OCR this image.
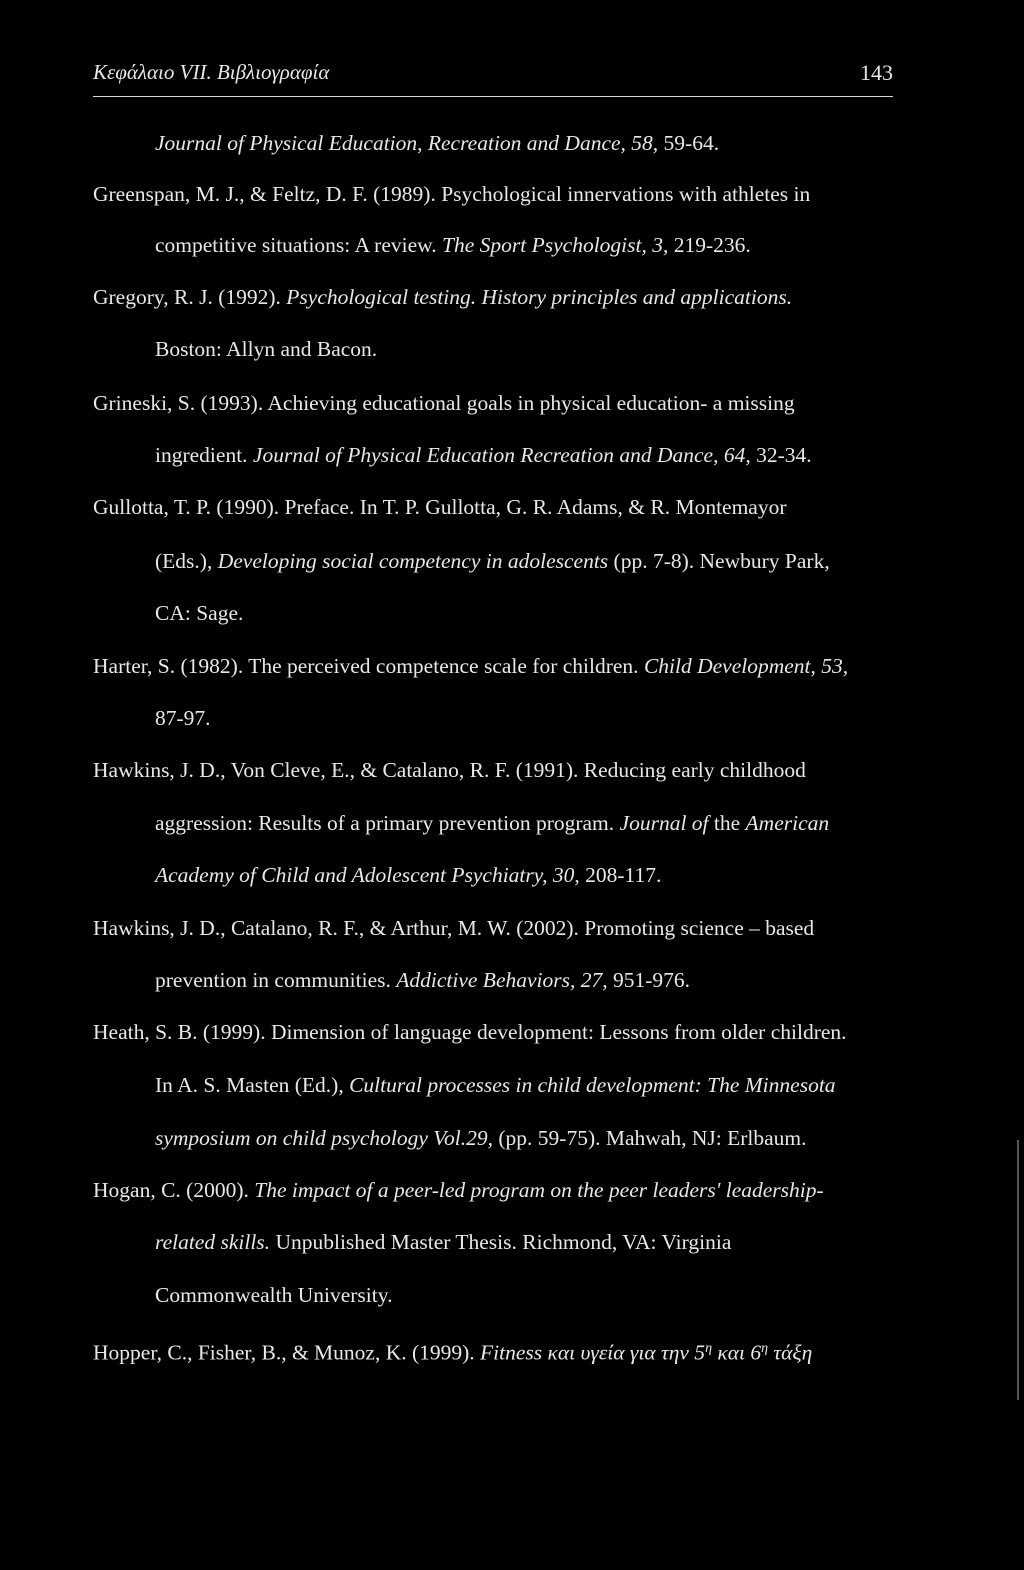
Κεφάλαιο VII. Βιβλιογραφία	143
Journal of Physical Education, Recreation and Dance, 58, 59-64.
Greenspan, M. J., & Feltz, D. F. (1989). Psychological innervations with athletes in
competitive situations: A review. The Sport Psychologist, 3, 219-236.
Gregory, R. J. (1992). Psychological testing. History principles and applications.
Boston: Allyn and Bacon.
Grineski, S. (1993). Achieving educational goals in physical education- a missing
ingredient. Journal of Physical Education Recreation and Dance, 64, 32-34.
Gullotta, T. P. (1990). Preface. In T. P. Gullotta, G. R. Adams, & R. Montemayor
(Eds.), Developing social competency in adolescents (pp. 7-8). Newbury Park,
CA: Sage.
Harter, S. (1982). The perceived competence scale for children. Child Development, 53,
87-97.
Hawkins, J. D., Von Cleve, E., & Catalano, R. F. (1991). Reducing early childhood
aggression: Results of a primary prevention program. Journal of the American
Academy of Child and Adolescent Psychiatry, 30, 208-117.
Hawkins, J. D., Catalano, R. F., & Arthur, M. W. (2002). Promoting science – based
prevention in communities. Addictive Behaviors, 27, 951-976.
Heath, S. B. (1999). Dimension of language development: Lessons from older children.
In A. S. Masten (Ed.), Cultural processes in child development: The Minnesota
symposium on child psychology Vol.29, (pp. 59-75). Mahwah, NJ: Erlbaum.
Hogan, C. (2000). The impact of a peer-led program on the peer leaders' leadership-
related skills. Unpublished Master Thesis. Richmond, VA: Virginia
Commonwealth University.
Hopper, C., Fisher, B., & Munoz, K. (1999). Fitness και υγεία για την $5^\eta$ και $6^\eta$ τάξη
